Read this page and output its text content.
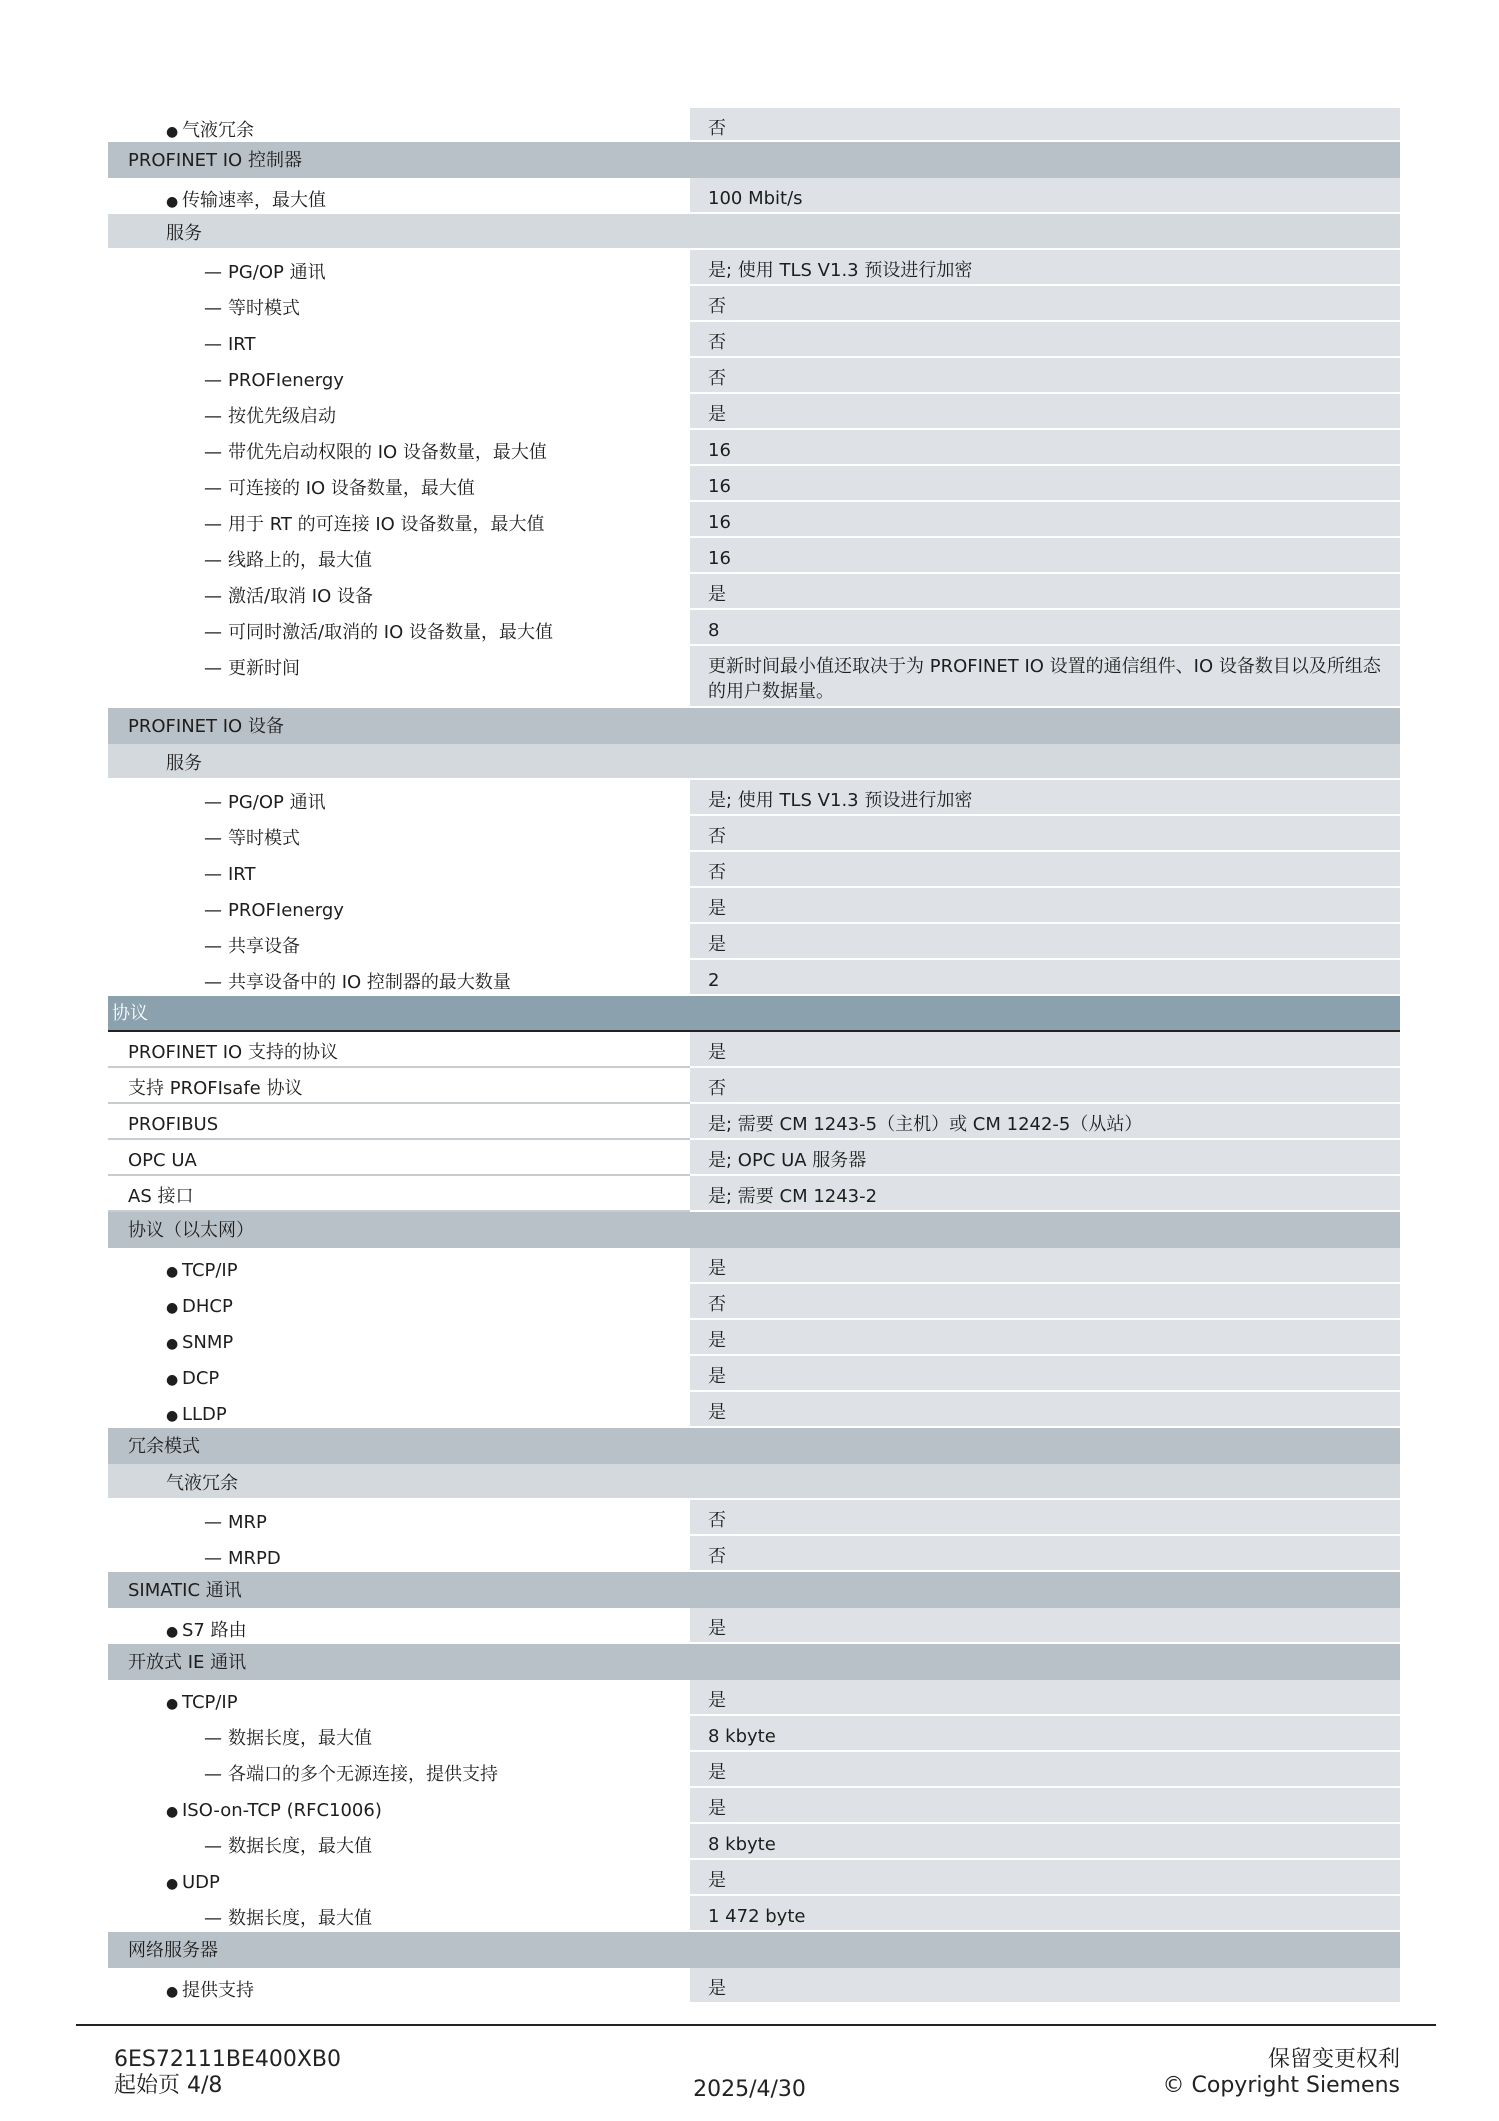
● 气液冗余	否
PROFINET IO 控制器
● 传输速率，最大值	100 Mbit/s
服务
— PG/OP 通讯	是; 使用 TLS V1.3 预设进行加密
— 等时模式	否
— IRT	否
— PROFIenergy	否
— 按优先级启动	是
— 带优先启动权限的 IO 设备数量，最大值	16
— 可连接的 IO 设备数量，最大值	16
— 用于 RT 的可连接 IO 设备数量，最大值	16
— 线路上的，最大值	16
— 激活/取消 IO 设备	是
— 可同时激活/取消的 IO 设备数量，最大值	8
— 更新时间	更新时间最小值还取决于为 PROFINET IO 设置的通信组件、IO 设备数目以及所组态的用户数据量。
PROFINET IO 设备
服务
— PG/OP 通讯	是; 使用 TLS V1.3 预设进行加密
— 等时模式	否
— IRT	否
— PROFIenergy	是
— 共享设备	是
— 共享设备中的 IO 控制器的最大数量	2
协议
PROFINET IO 支持的协议	是
支持 PROFIsafe 协议	否
PROFIBUS	是; 需要 CM 1243-5（主机）或 CM 1242-5（从站）
OPC UA	是; OPC UA 服务器
AS 接口	是; 需要 CM 1243-2
协议（以太网）
● TCP/IP	是
● DHCP	否
● SNMP	是
● DCP	是
● LLDP	是
冗余模式
气液冗余
— MRP	否
— MRPD	否
SIMATIC 通讯
● S7 路由	是
开放式 IE 通讯
● TCP/IP	是
— 数据长度，最大值	8 kbyte
— 各端口的多个无源连接，提供支持	是
● ISO-on-TCP (RFC1006)	是
— 数据长度，最大值	8 kbyte
● UDP	是
— 数据长度，最大值	1 472 byte
网络服务器
● 提供支持	是
6ES72111BE400XB0
起始页 4/8	2025/4/30
保留变更权利
© Copyright Siemens
